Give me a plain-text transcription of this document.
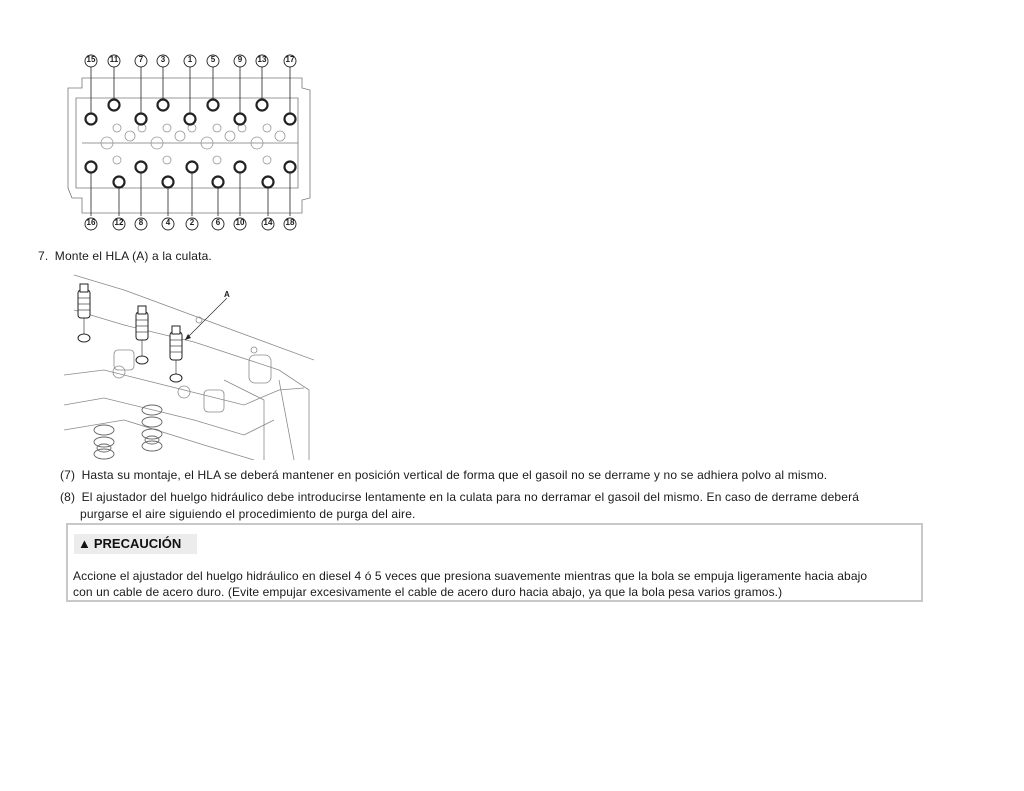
15	11	7	3	1	5	9	13	17
16	12	8	4	2	6	10	14	18
7. Monte el HLA (A) a la culata.
A
(7) Hasta su montaje, el HLA se deberá mantener en posición vertical de forma que el gasoil no se derrame y no se adhiera polvo al mismo.
(8) El ajustador del huelgo hidráulico debe introducirse lentamente en la culata para no derramar el gasoil del mismo. En caso de derrame deberá
purgarse el aire siguiendo el procedimiento de purga del aire.
▲ PRECAUCIÓN
Accione el ajustador del huelgo hidráulico en diesel 4 ó 5 veces que presiona suavemente mientras que la bola se empuja ligeramente hacia abajo
con un cable de acero duro. (Evite empujar excesivamente el cable de acero duro hacia abajo, ya que la bola pesa varios gramos.)
